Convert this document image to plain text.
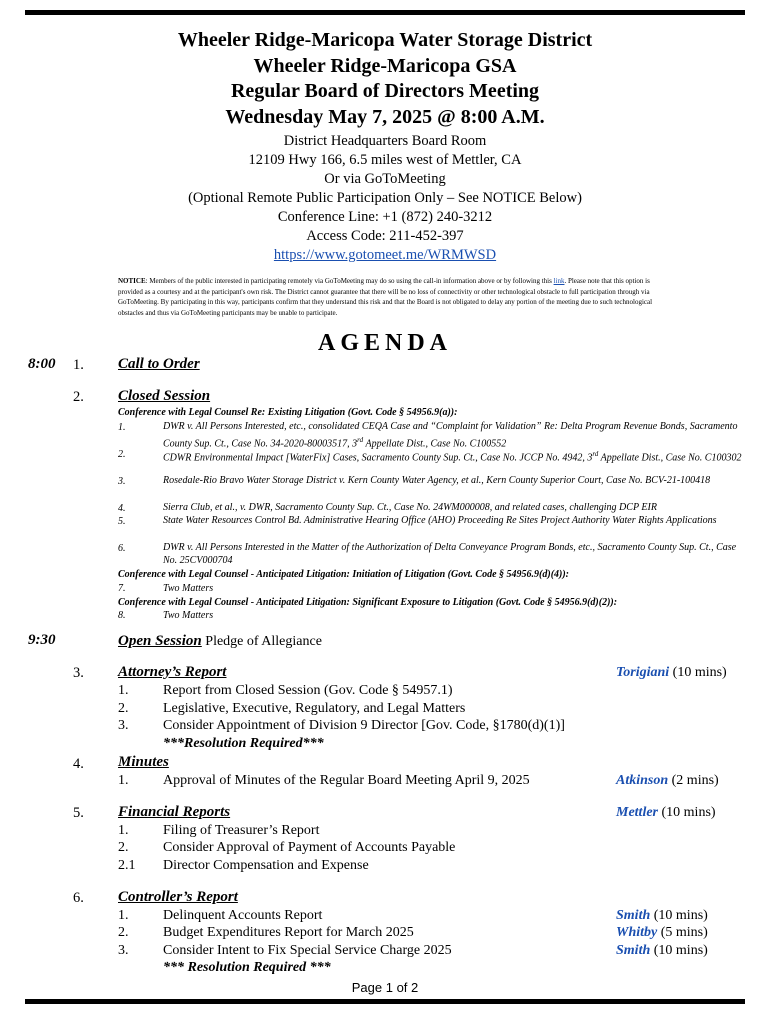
Wheeler Ridge-Maricopa Water Storage District
Wheeler Ridge-Maricopa GSA
Regular Board of Directors Meeting
Wednesday May 7, 2025 @ 8:00 A.M.
District Headquarters Board Room
12109 Hwy 166, 6.5 miles west of Mettler, CA
Or via GoToMeeting
(Optional Remote Public Participation Only – See NOTICE Below)
Conference Line: +1 (872) 240-3212
Access Code: 211-452-397
https://www.gotomeet.me/WRMWSD
NOTICE: Members of the public interested in participating remotely via GoToMeeting may do so using the call-in information above or by following this link. Please note that this option is provided as a courtesy and at the participant's own risk. The District cannot guarantee that there will be no loss of connectivity or other technological obstacle to full participation through via GoToMeeting. By participating in this way, participants confirm that they understand this risk and that the Board is not obligated to delay any portion of the meeting due to such technological obstacles and thus via GoToMeeting participants may be unable to participate.
AGENDA
8:00 1. Call to Order
2. Closed Session
Conference with Legal Counsel Re: Existing Litigation (Govt. Code § 54956.9(a)):
1.	DWR v. All Persons Interested, etc., consolidated CEQA Case and “Complaint for Validation” Re: Delta Program Revenue Bonds, Sacramento County Sup. Ct., Case No. 34-2020-80003517, 3rd Appellate Dist., Case No. C100552
2.	CDWR Environmental Impact [WaterFix] Cases, Sacramento County Sup. Ct., Case No. JCCP No. 4942, 3rd Appellate Dist., Case No. C100302
3.	Rosedale-Rio Bravo Water Storage District v. Kern County Water Agency, et al., Kern County Superior Court, Case No. BCV-21-100418
4.	Sierra Club, et al., v. DWR, Sacramento County Sup. Ct., Case No. 24WM000008, and related cases, challenging DCP EIR
5.	State Water Resources Control Bd. Administrative Hearing Office (AHO) Proceeding Re Sites Project Authority Water Rights Applications
6.	DWR v. All Persons Interested in the Matter of the Authorization of Delta Conveyance Program Bonds, etc., Sacramento County Sup. Ct., Case No. 25CV000704
Conference with Legal Counsel - Anticipated Litigation: Initiation of Litigation (Govt. Code § 54956.9(d)(4)):
7.	Two Matters
Conference with Legal Counsel - Anticipated Litigation: Significant Exposure to Litigation (Govt. Code § 54956.9(d)(2)):
8.	Two Matters
9:30	Open Session Pledge of Allegiance
3. Attorney’s Report	Torigiani (10 mins)
1. Report from Closed Session (Gov. Code § 54957.1)
2. Legislative, Executive, Regulatory, and Legal Matters
3. Consider Appointment of Division 9 Director [Gov. Code, §1780(d)(1)]
***Resolution Required***
4. Minutes
1. Approval of Minutes of the Regular Board Meeting April 9, 2025	Atkinson (2 mins)
5. Financial Reports	Mettler (10 mins)
1. Filing of Treasurer’s Report
2. Consider Approval of Payment of Accounts Payable
2.1 Director Compensation and Expense
6. Controller’s Report
1. Delinquent Accounts Report	Smith (10 mins)
2. Budget Expenditures Report for March 2025	Whitby (5 mins)
3. Consider Intent to Fix Special Service Charge 2025	Smith (10 mins)
*** Resolution Required ***
Page 1 of 2
